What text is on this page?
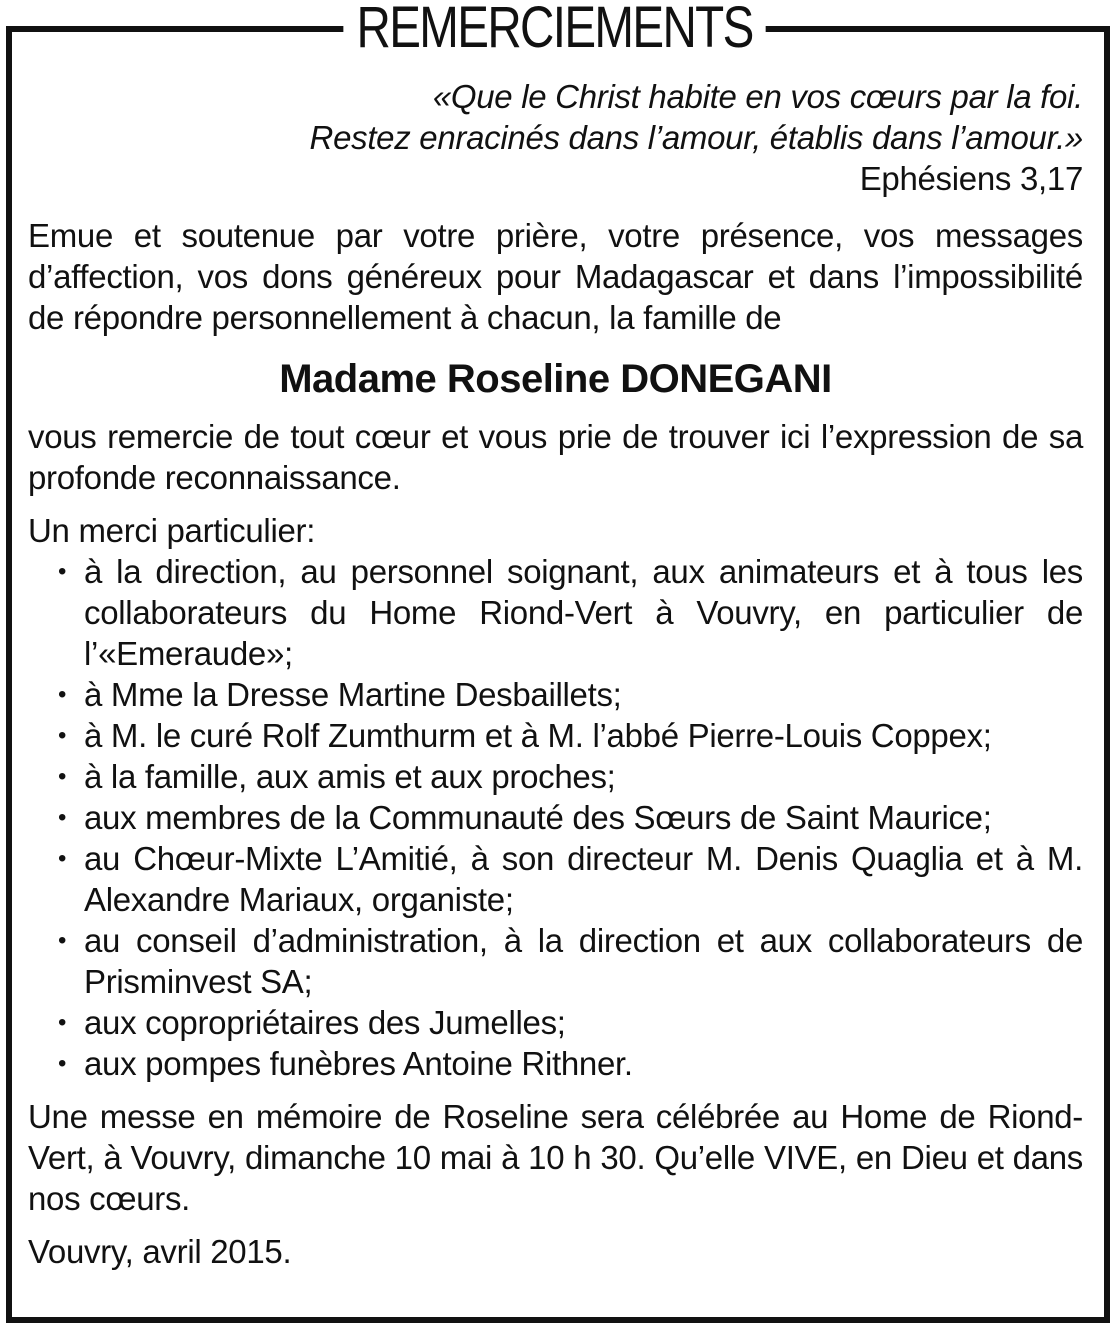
REMERCIEMENTS

«Que le Christ habite en vos cœurs par la foi.

Restez enracinés dans l’amour, établis dans l’amour.»

Ephésiens 3,17

Emue et soutenue par votre prière, votre présence, vos messages d’affection, vos dons généreux pour Madagascar et dans l’impossibilité de répondre personnellement à chacun, la famille de

Madame Roseline DONEGANI

vous remercie de tout cœur et vous prie de trouver ici l’expression de sa profonde reconnaissance.

Un merci particulier:

• à la direction, au personnel soignant, aux animateurs et à tous les collaborateurs du Home Riond-Vert à Vouvry, en particulier de l’«Emeraude»;
• à Mme la Dresse Martine Desbaillets;
• à M. le curé Rolf Zumthurm et à M. l’abbé Pierre-Louis Coppex;
• à la famille, aux amis et aux proches;
• aux membres de la Communauté des Sœurs de Saint Maurice;
• au Chœur-Mixte L’Amitié, à son directeur M. Denis Quaglia et à M. Alexandre Mariaux, organiste;
• au conseil d’administration, à la direction et aux collaborateurs de Prisminvest SA;
• aux copropriétaires des Jumelles;
• aux pompes funèbres Antoine Rithner.

Une messe en mémoire de Roseline sera célébrée au Home de Riond-Vert, à Vouvry, dimanche 10 mai à 10 h 30. Qu’elle VIVE, en Dieu et dans nos cœurs.

Vouvry, avril 2015.
